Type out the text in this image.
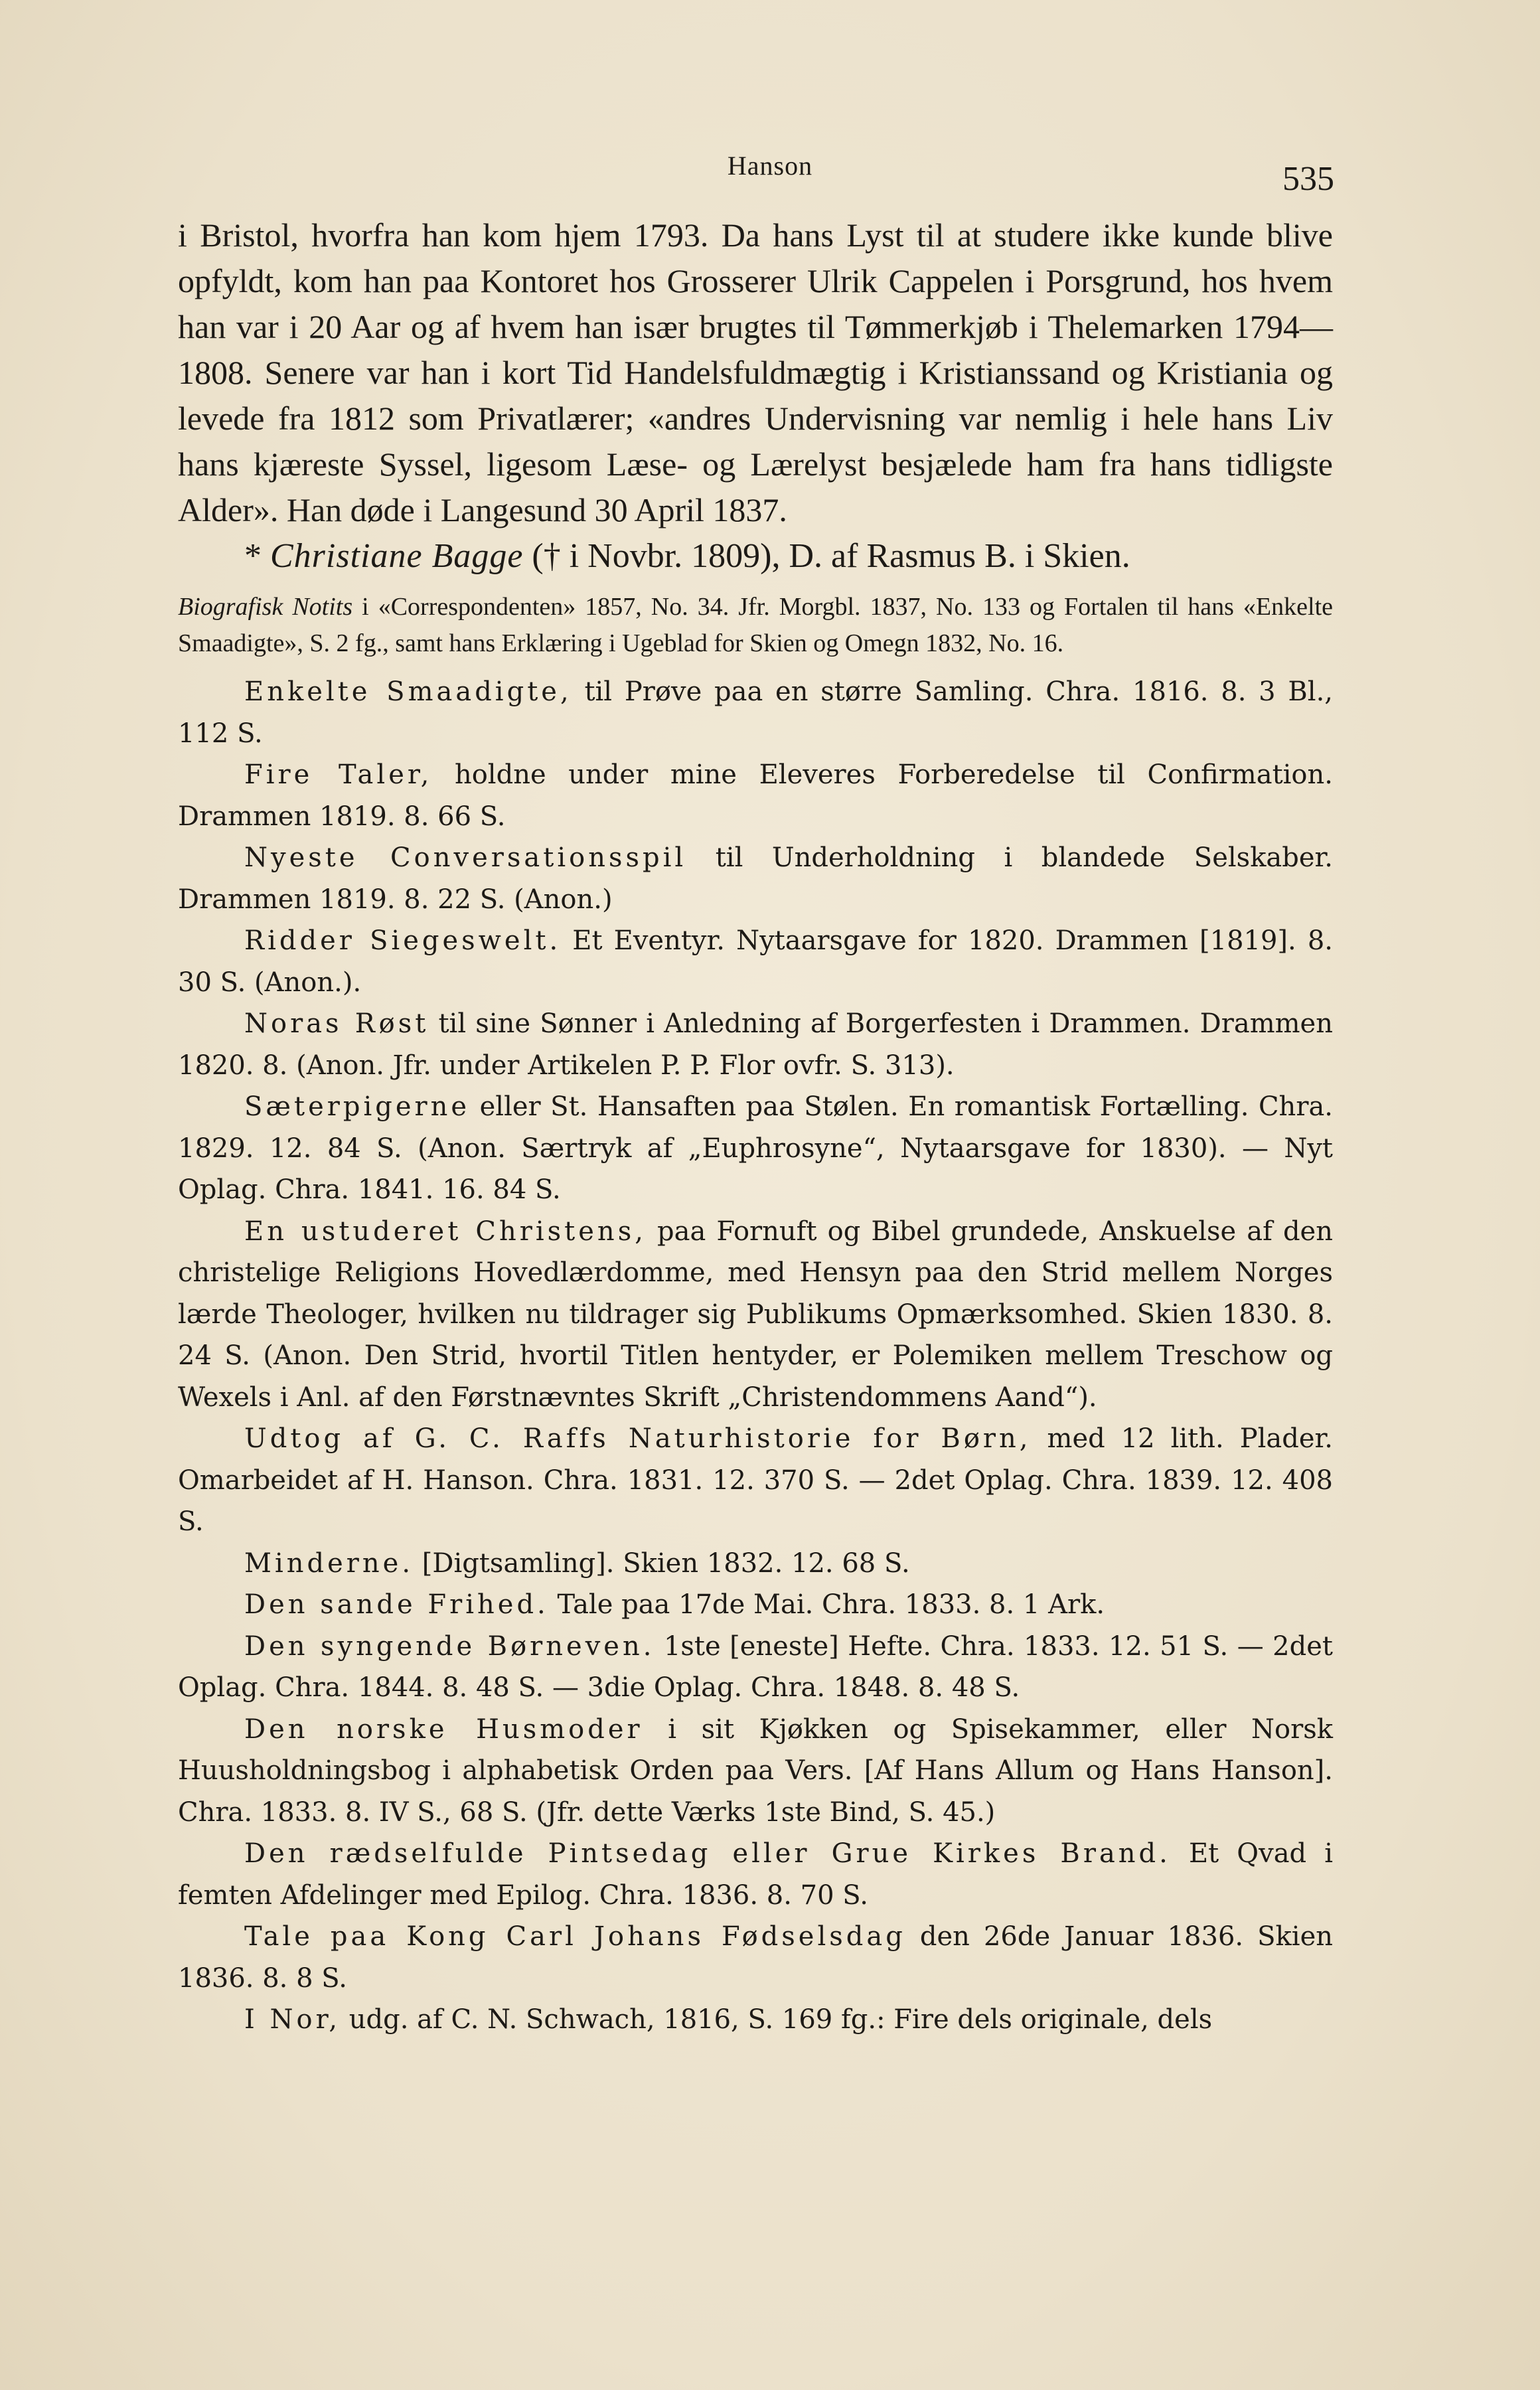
Hanson	535

i Bristol, hvorfra han kom hjem 1793. Da hans Lyst til at studere ikke kunde blive opfyldt, kom han paa Kontoret hos Grosserer Ulrik Cappelen i Porsgrund, hos hvem han var i 20 Aar og af hvem han især brugtes til Tømmerkjøb i Thelemarken 1794—1808. Senere var han i kort Tid Handelsfuldmægtig i Kristianssand og Kristiania og levede fra 1812 som Privatlærer; «andres Undervisning var nemlig i hele hans Liv hans kjæreste Syssel, ligesom Læse- og Lærelyst besjælede ham fra hans tidligste Alder». Han døde i Langesund 30 April 1837.

* Christiane Bagge († i Novbr. 1809), D. af Rasmus B. i Skien.

Biografisk Notits i «Correspondenten» 1857, No. 34. Jfr. Morgbl. 1837, No. 133 og Fortalen til hans «Enkelte Smaadigte», S. 2 fg., samt hans Erklæring i Ugeblad for Skien og Omegn 1832, No. 16.

Enkelte Smaadigte, til Prøve paa en større Samling. Chra. 1816. 8. 3 Bl., 112 S.

Fire Taler, holdne under mine Eleveres Forberedelse til Confirmation. Drammen 1819. 8. 66 S.

Nyeste Conversationsspil til Underholdning i blandede Selskaber. Drammen 1819. 8. 22 S. (Anon.)

Ridder Siegeswelt. Et Eventyr. Nytaarsgave for 1820. Drammen [1819]. 8. 30 S. (Anon.).

Noras Røst til sine Sønner i Anledning af Borgerfesten i Drammen. Drammen 1820. 8. (Anon. Jfr. under Artikelen P. P. Flor ovfr. S. 313).

Sæterpigerne eller St. Hansaften paa Stølen. En romantisk Fortælling. Chra. 1829. 12. 84 S. (Anon. Særtryk af „Euphrosyne“, Nytaarsgave for 1830). — Nyt Oplag. Chra. 1841. 16. 84 S.

En ustuderet Christens, paa Fornuft og Bibel grundede, Anskuelse af den christelige Religions Hovedlærdomme, med Hensyn paa den Strid mellem Norges lærde Theologer, hvilken nu tildrager sig Publikums Opmærksomhed. Skien 1830. 8. 24 S. (Anon. Den Strid, hvortil Titlen hentyder, er Polemiken mellem Treschow og Wexels i Anl. af den Førstnævntes Skrift „Christendommens Aand“).

Udtog af G. C. Raffs Naturhistorie for Børn, med 12 lith. Plader. Omarbeidet af H. Hanson. Chra. 1831. 12. 370 S. — 2det Oplag. Chra. 1839. 12. 408 S.

Minderne. [Digtsamling]. Skien 1832. 12. 68 S.

Den sande Frihed. Tale paa 17de Mai. Chra. 1833. 8. 1 Ark.

Den syngende Børneven. 1ste [eneste] Hefte. Chra. 1833. 12. 51 S. — 2det Oplag. Chra. 1844. 8. 48 S. — 3die Oplag. Chra. 1848. 8. 48 S.

Den norske Husmoder i sit Kjøkken og Spisekammer, eller Norsk Huusholdningsbog i alphabetisk Orden paa Vers. [Af Hans Allum og Hans Hanson]. Chra. 1833. 8. IV S., 68 S. (Jfr. dette Værks 1ste Bind, S. 45.)

Den rædselfulde Pintsedag eller Grue Kirkes Brand. Et Qvad i femten Afdelinger med Epilog. Chra. 1836. 8. 70 S.

Tale paa Kong Carl Johans Fødselsdag den 26de Januar 1836. Skien 1836. 8. 8 S.

I Nor, udg. af C. N. Schwach, 1816, S. 169 fg.: Fire dels originale, dels
